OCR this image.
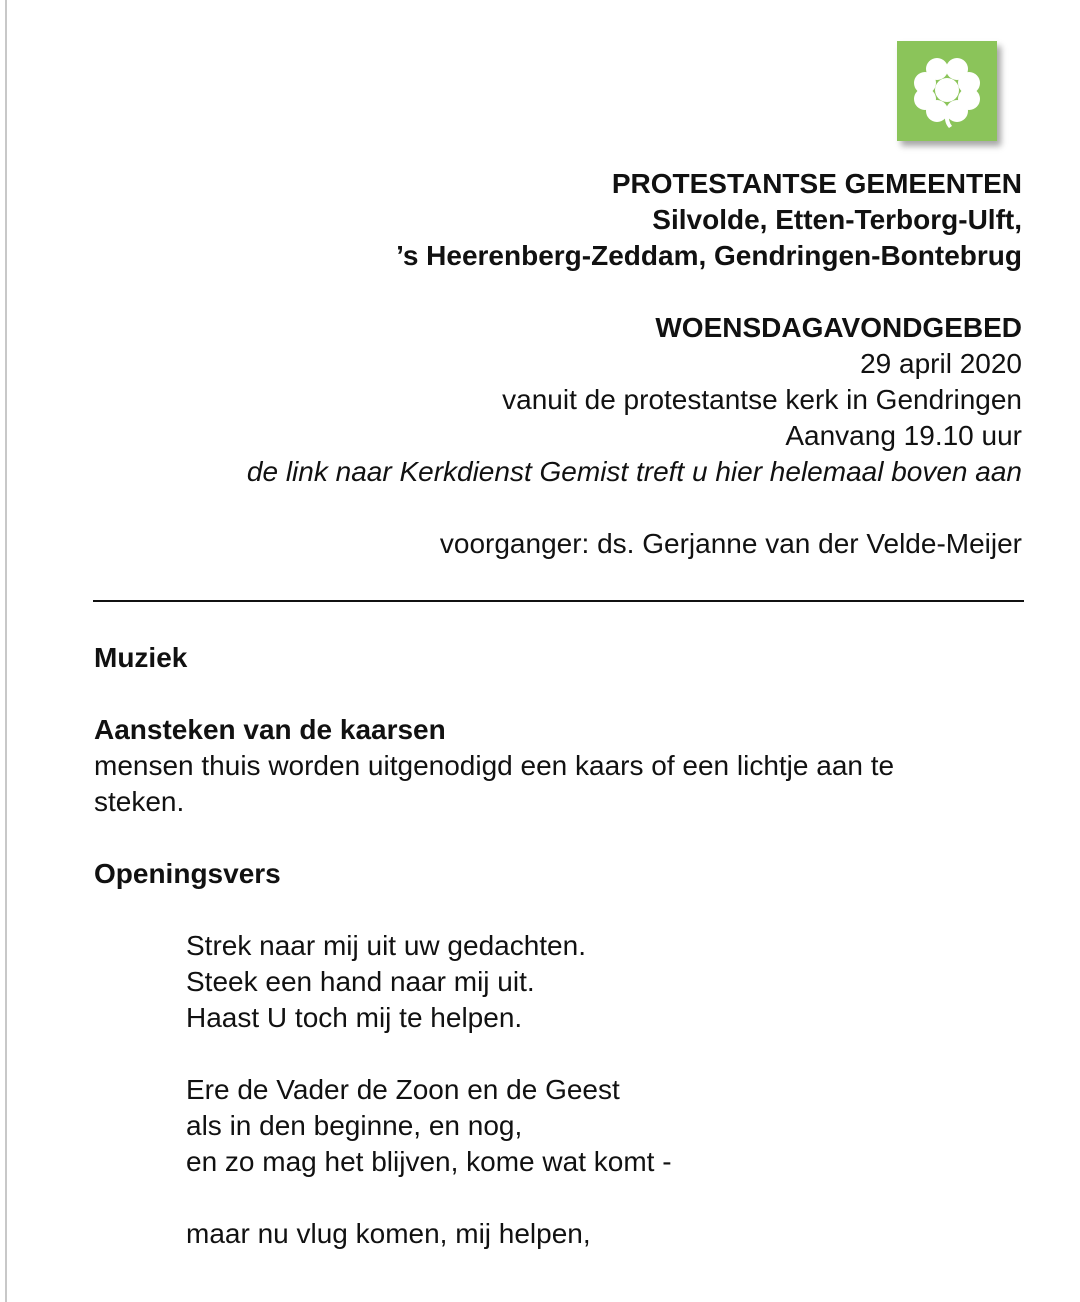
PROTESTANTSE GEMEENTEN
Silvolde, Etten-Terborg-Ulft,
’s Heerenberg-Zeddam, Gendringen-Bontebrug
WOENSDAGAVONDGEBED
29 april 2020
vanuit de protestantse kerk in Gendringen
Aanvang 19.10 uur
de link naar Kerkdienst Gemist treft u hier helemaal boven aan
voorganger: ds. Gerjanne van der Velde-Meijer
Muziek
Aansteken van de kaarsen
mensen thuis worden uitgenodigd een kaars of een lichtje aan te
steken.
Openingsvers
Strek naar mij uit uw gedachten.
Steek een hand naar mij uit.
Haast U toch mij te helpen.
Ere de Vader de Zoon en de Geest
als in den beginne, en nog,
en zo mag het blijven, kome wat komt -
maar nu vlug komen, mij helpen,
